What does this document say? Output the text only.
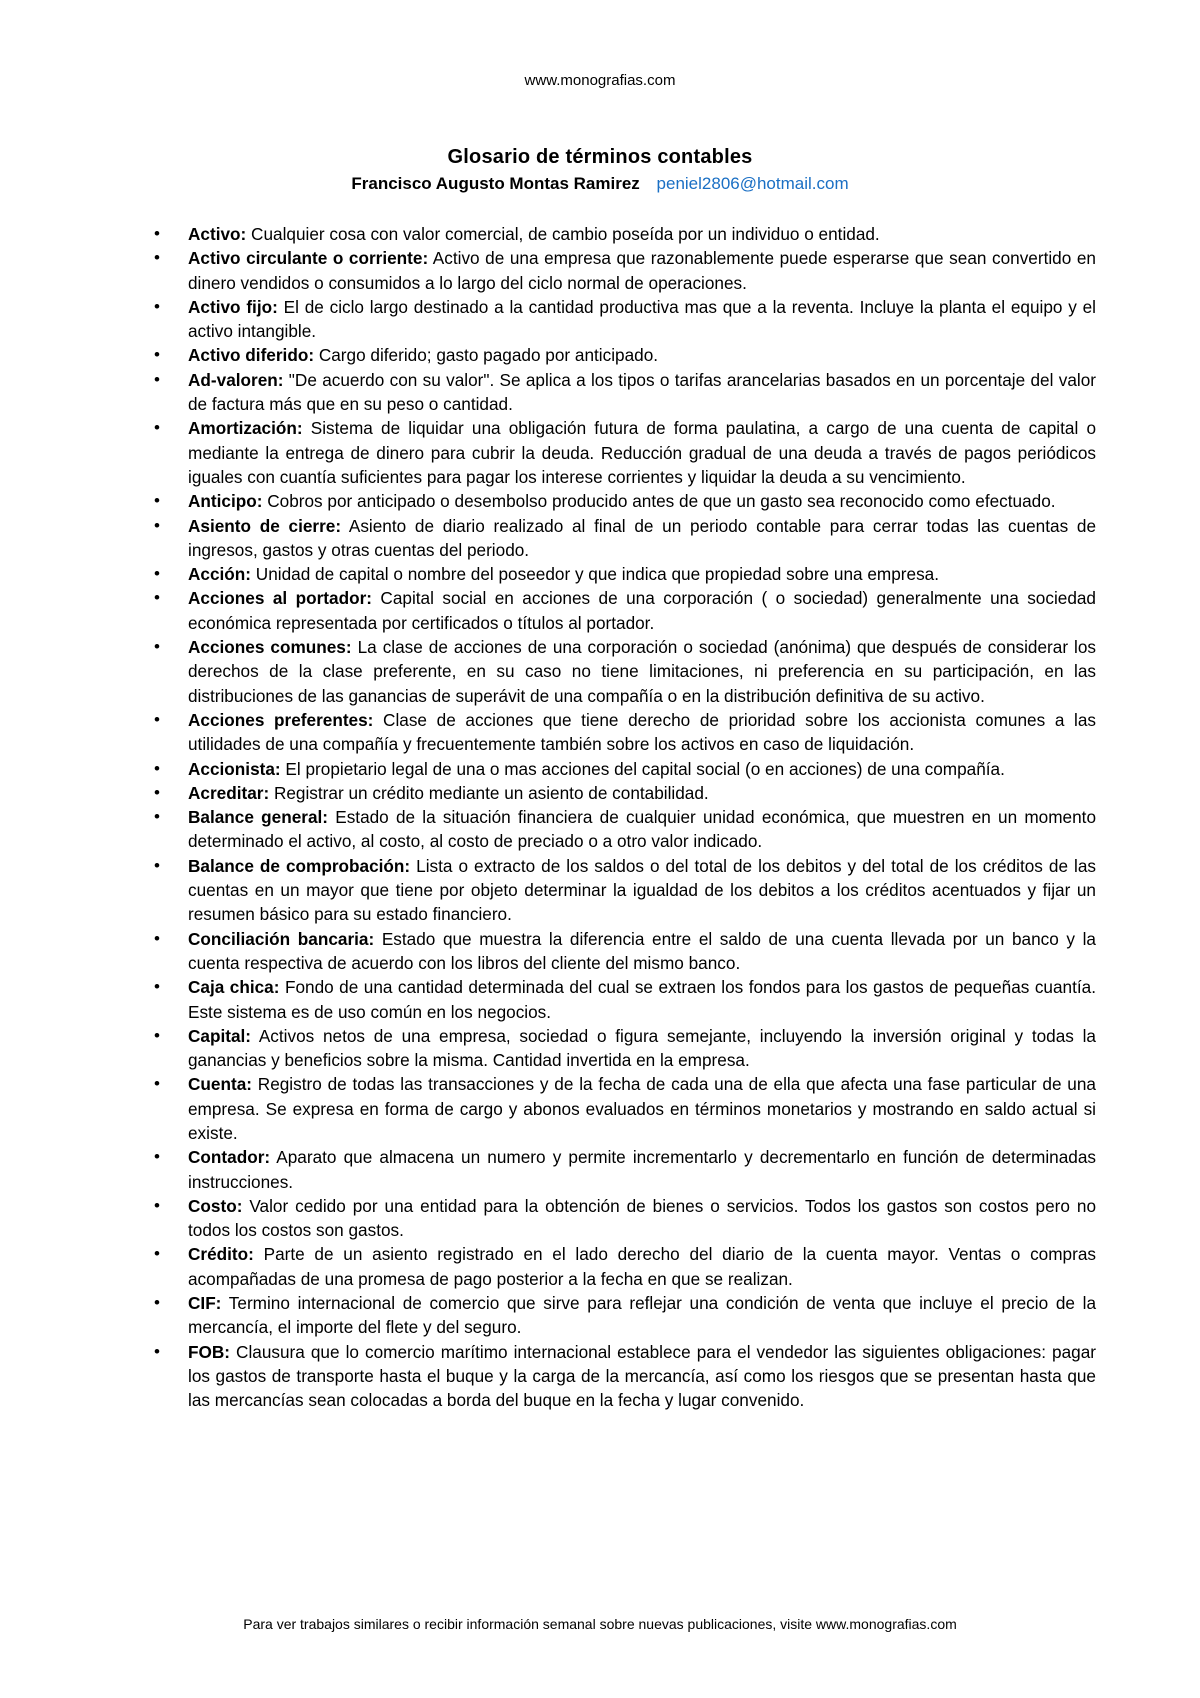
www.monografias.com
Glosario de términos contables
Francisco Augusto Montas Ramirez peniel2806@hotmail.com
• Activo: Cualquier cosa con valor comercial, de cambio poseída por un individuo o entidad.
• Activo circulante o corriente: Activo de una empresa que razonablemente puede esperarse que sean convertido en dinero vendidos o consumidos a lo largo del ciclo normal de operaciones.
• Activo fijo: El de ciclo largo destinado a la cantidad productiva mas que a la reventa. Incluye la planta el equipo y el activo intangible.
• Activo diferido: Cargo diferido; gasto pagado por anticipado.
• Ad-valoren: "De acuerdo con su valor". Se aplica a los tipos o tarifas arancelarias basados en un porcentaje del valor de factura más que en su peso o cantidad.
• Amortización: Sistema de liquidar una obligación futura de forma paulatina, a cargo de una cuenta de capital o mediante la entrega de dinero para cubrir la deuda. Reducción gradual de una deuda a través de pagos periódicos iguales con cuantía suficientes para pagar los interese corrientes y liquidar la deuda a su vencimiento.
• Anticipo: Cobros por anticipado o desembolso producido antes de que un gasto sea reconocido como efectuado.
• Asiento de cierre: Asiento de diario realizado al final de un periodo contable para cerrar todas las cuentas de ingresos, gastos y otras cuentas del periodo.
• Acción: Unidad de capital o nombre del poseedor y que indica que propiedad sobre una empresa.
• Acciones al portador: Capital social en acciones de una corporación ( o sociedad) generalmente una sociedad económica representada por certificados o títulos al portador.
• Acciones comunes: La clase de acciones de una corporación o sociedad (anónima) que después de considerar los derechos de la clase preferente, en su caso no tiene limitaciones, ni preferencia en su participación, en las distribuciones de las ganancias de superávit de una compañía o en la distribución definitiva de su activo.
• Acciones preferentes: Clase de acciones que tiene derecho de prioridad sobre los accionista comunes a las utilidades de una compañía y frecuentemente también sobre los activos en caso de liquidación.
• Accionista: El propietario legal de una o mas acciones del capital social (o en acciones) de una compañía.
• Acreditar: Registrar un crédito mediante un asiento de contabilidad.
• Balance general: Estado de la situación financiera de cualquier unidad económica, que muestren en un momento determinado el activo, al costo, al costo de preciado o a otro valor indicado.
• Balance de comprobación: Lista o extracto de los saldos o del total de los debitos y del total de los créditos de las cuentas en un mayor que tiene por objeto determinar la igualdad de los debitos a los créditos acentuados y fijar un resumen básico para su estado financiero.
• Conciliación bancaria: Estado que muestra la diferencia entre el saldo de una cuenta llevada por un banco y la cuenta respectiva de acuerdo con los libros del cliente del mismo banco.
• Caja chica: Fondo de una cantidad determinada del cual se extraen los fondos para los gastos de pequeñas cuantía. Este sistema es de uso común en los negocios.
• Capital: Activos netos de una empresa, sociedad o figura semejante, incluyendo la inversión original y todas la ganancias y beneficios sobre la misma. Cantidad invertida en la empresa.
• Cuenta: Registro de todas las transacciones y de la fecha de cada una de ella que afecta una fase particular de una empresa. Se expresa en forma de cargo y abonos evaluados en términos monetarios y mostrando en saldo actual si existe.
• Contador: Aparato que almacena un numero y permite incrementarlo y decrementarlo en función de determinadas instrucciones.
• Costo: Valor cedido por una entidad para la obtención de bienes o servicios. Todos los gastos son costos pero no todos los costos son gastos.
• Crédito: Parte de un asiento registrado en el lado derecho del diario de la cuenta mayor. Ventas o compras acompañadas de una promesa de pago posterior a la fecha en que se realizan.
• CIF: Termino internacional de comercio que sirve para reflejar una condición de venta que incluye el precio de la mercancía, el importe del flete y del seguro.
• FOB: Clausura que lo comercio marítimo internacional establece para el vendedor las siguientes obligaciones: pagar los gastos de transporte hasta el buque y la carga de la mercancía, así como los riesgos que se presentan hasta que las mercancías sean colocadas a borda del buque en la fecha y lugar convenido.
Para ver trabajos similares o recibir información semanal sobre nuevas publicaciones, visite www.monografias.com
